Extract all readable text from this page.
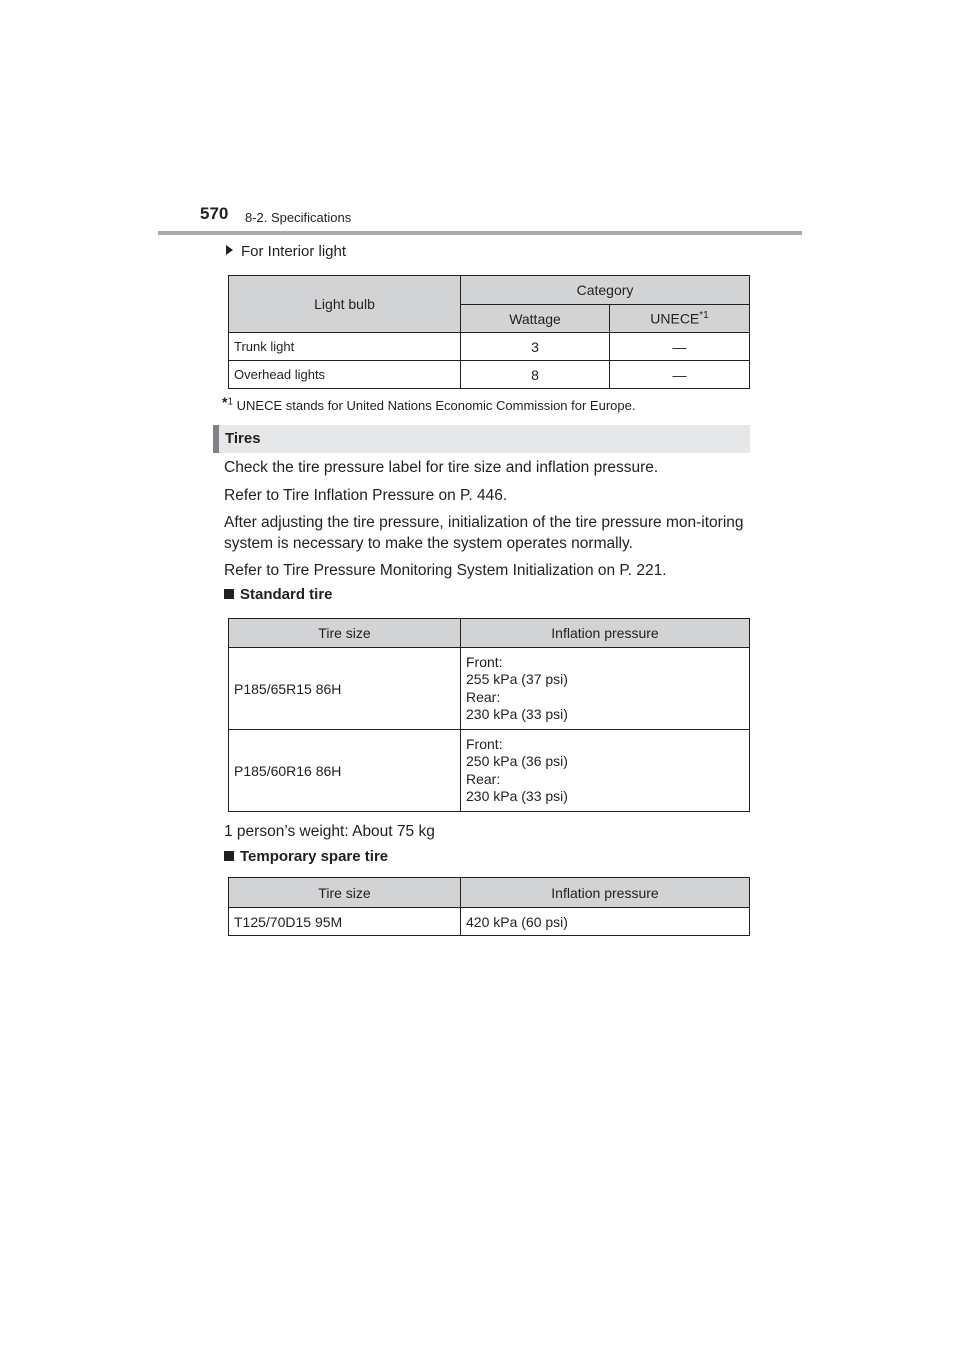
570 8-2. Specifications
For Interior light
Light bulb	Category	
	Wattage	UNECE$^{*1}$
Trunk light	3	—
Overhead lights	8	—
*$^1$ UNECE stands for United Nations Economic Commission for Europe.
Tires
Check the tire pressure label for tire size and inflation pressure.
Refer to Tire Inflation Pressure on P. 446.
After adjusting the tire pressure, initialization of the tire pressure mon-itoring system is necessary to make the system operates normally.
Refer to Tire Pressure Monitoring System Initialization on P. 221.
Standard tire
Tire size	Inflation pressure
P185/65R15 86H	Front:
255 kPa (37 psi)
Rear:
230 kPa (33 psi)

P185/60R16 86H	Front:
250 kPa (36 psi)
Rear:
230 kPa (33 psi)
1 person’s weight: About 75 kg
Temporary spare tire
Tire size	Inflation pressure
T125/70D15 95M	420 kPa (60 psi)
